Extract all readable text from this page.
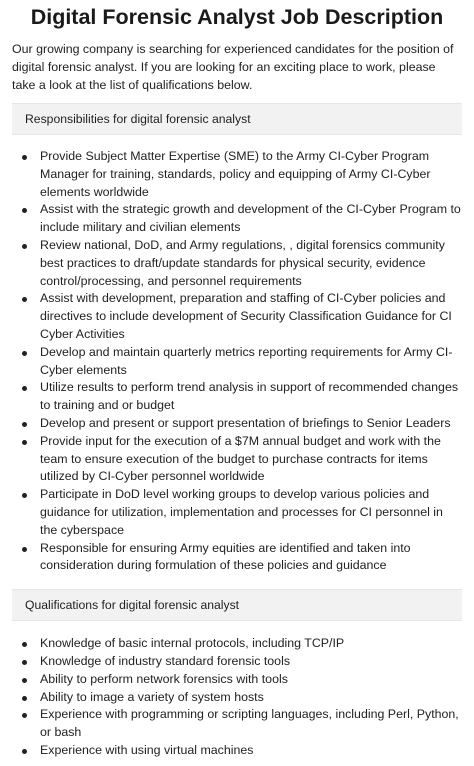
Digital Forensic Analyst Job Description

Our growing company is searching for experienced candidates for the position of digital forensic analyst. If you are looking for an exciting place to work, please take a look at the list of qualifications below.

Responsibilities for digital forensic analyst
Provide Subject Matter Expertise (SME) to the Army CI-Cyber Program Manager for training, standards, policy and equipping of Army CI-Cyber elements worldwide
Assist with the strategic growth and development of the CI-Cyber Program to include military and civilian elements
Review national, DoD, and Army regulations, , digital forensics community best practices to draft/update standards for physical security, evidence control/processing, and personnel requirements
Assist with development, preparation and staffing of CI-Cyber policies and directives to include development of Security Classification Guidance for CI Cyber Activities
Develop and maintain quarterly metrics reporting requirements for Army CI-Cyber elements
Utilize results to perform trend analysis in support of recommended changes to training and or budget
Develop and present or support presentation of briefings to Senior Leaders
Provide input for the execution of a $7M annual budget and work with the team to ensure execution of the budget to purchase contracts for items utilized by CI-Cyber personnel worldwide
Participate in DoD level working groups to develop various policies and guidance for utilization, implementation and processes for CI personnel in the cyberspace
Responsible for ensuring Army equities are identified and taken into consideration during formulation of these policies and guidance
Qualifications for digital forensic analyst
Knowledge of basic internal protocols, including TCP/IP
Knowledge of industry standard forensic tools
Ability to perform network forensics with tools
Ability to image a variety of system hosts
Experience with programming or scripting languages, including Perl, Python, or bash
Experience with using virtual machines
